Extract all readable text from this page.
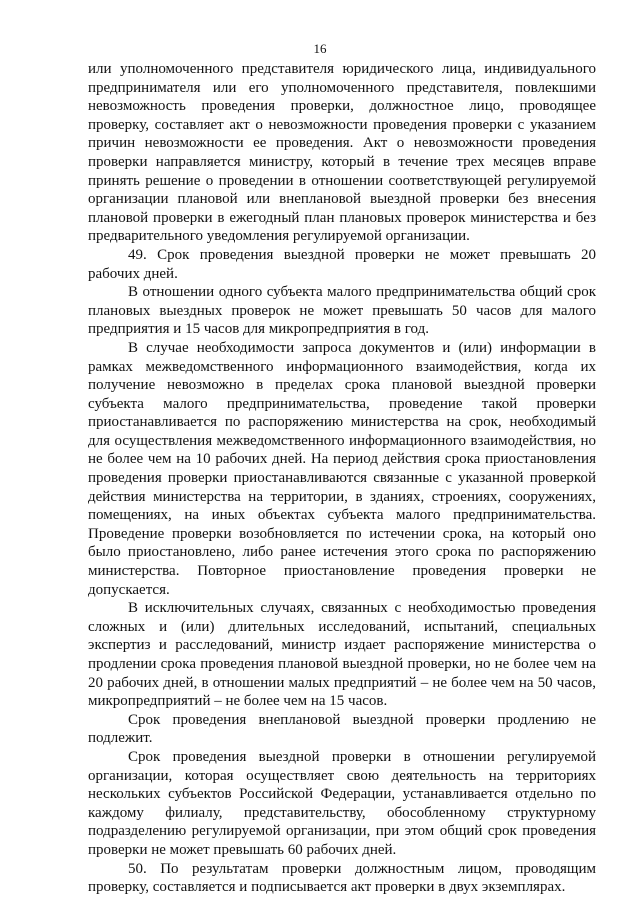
16

или уполномоченного представителя юридического лица, индивидуального предпринимателя или его уполномоченного представителя, повлекшими невозможность проведения проверки, должностное лицо, проводящее проверку, составляет акт о невозможности проведения проверки с указанием причин невозможности ее проведения. Акт о невозможности проведения проверки направляется министру, который в течение трех месяцев вправе принять решение о проведении в отношении соответствующей регулируемой организации плановой или внеплановой выездной проверки без внесения плановой проверки в ежегодный план плановых проверок министерства и без предварительного уведомления регулируемой организации.

49. Срок проведения выездной проверки не может превышать 20 рабочих дней.

В отношении одного субъекта малого предпринимательства общий срок плановых выездных проверок не может превышать 50 часов для малого предприятия и 15 часов для микропредприятия в год.

В случае необходимости запроса документов и (или) информации в рамках межведомственного информационного взаимодействия, когда их получение невозможно в пределах срока плановой выездной проверки субъекта малого предпринимательства, проведение такой проверки приостанавливается по распоряжению министерства на срок, необходимый для осуществления межведомственного информационного взаимодействия, но не более чем на 10 рабочих дней. На период действия срока приостановления проведения проверки приостанавливаются связанные с указанной проверкой действия министерства на территории, в зданиях, строениях, сооружениях, помещениях, на иных объектах субъекта малого предпринимательства. Проведение проверки возобновляется по истечении срока, на который оно было приостановлено, либо ранее истечения этого срока по распоряжению министерства. Повторное приостановление проведения проверки не допускается.

В исключительных случаях, связанных с необходимостью проведения сложных и (или) длительных исследований, испытаний, специальных экспертиз и расследований, министр издает распоряжение министерства о продлении срока проведения плановой выездной проверки, но не более чем на 20 рабочих дней, в отношении малых предприятий – не более чем на 50 часов, микропредприятий – не более чем на 15 часов.

Срок проведения внеплановой выездной проверки продлению не подлежит.

Срок проведения выездной проверки в отношении регулируемой организации, которая осуществляет свою деятельность на территориях нескольких субъектов Российской Федерации, устанавливается отдельно по каждому филиалу, представительству, обособленному структурному подразделению регулируемой организации, при этом общий срок проведения проверки не может превышать 60 рабочих дней.

50. По результатам проверки должностным лицом, проводящим проверку, составляется и подписывается акт проверки в двух экземплярах.
